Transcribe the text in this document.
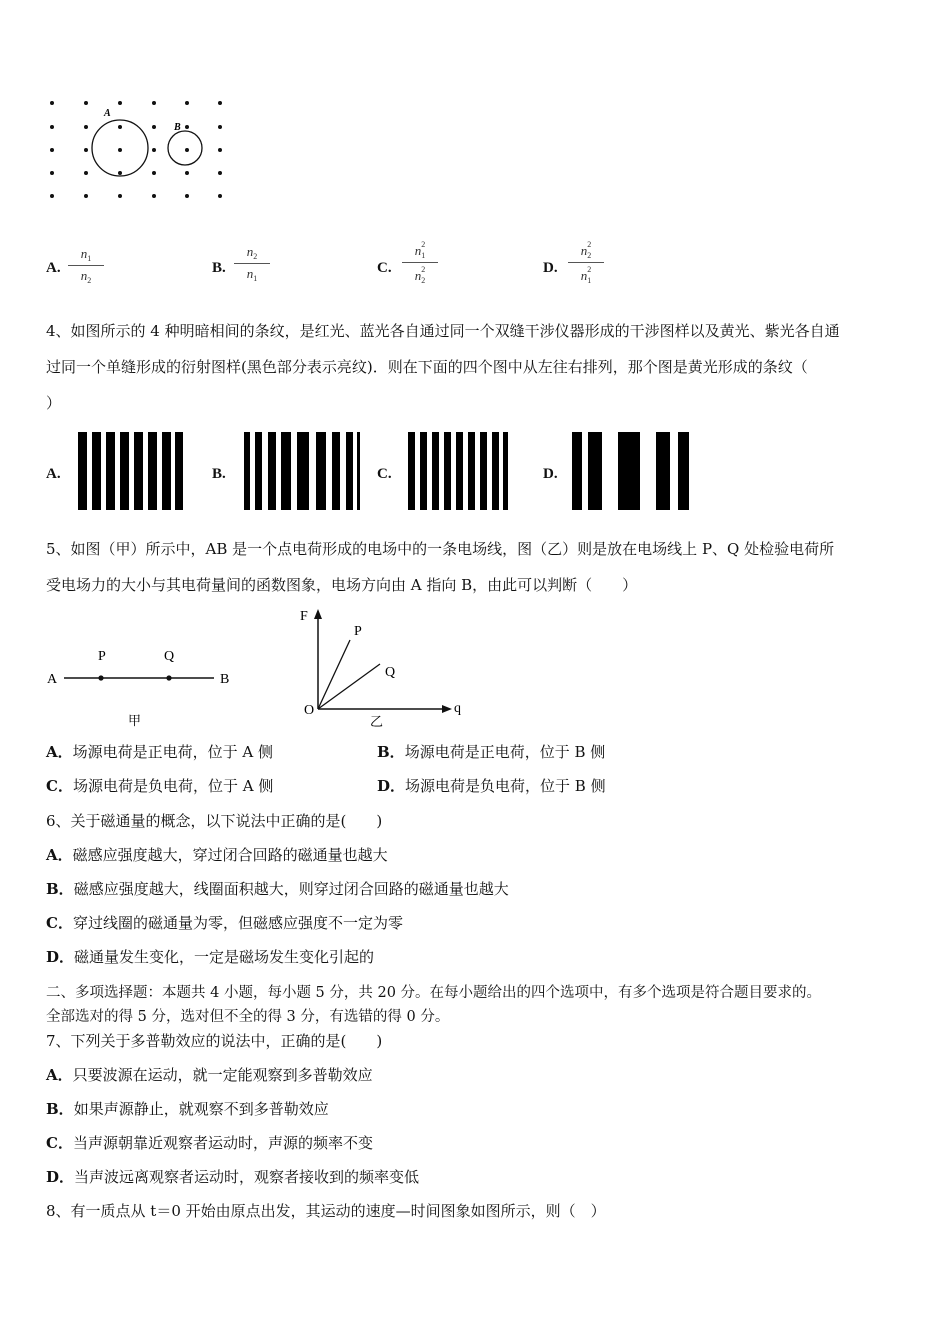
A
B
A.
$n_1$
$n_2$
B.
$n_2$
$n_1$
C.
$n_1^2$
$n_2^2$	D.
$n_2^2$
$n_1^2$
4、如图所示的 4 种明暗相间的条纹，是红光、蓝光各自通过同一个双缝干涉仪器形成的干涉图样以及黄光、紫光各自通
过同一个单缝形成的衍射图样(黑色部分表示亮纹)．则在下面的四个图中从左往右排列，那个图是黄光形成的条纹（
）
A.	B.	C.	D.
5、如图（甲）所示中，AB 是一个点电荷形成的电场中的一条电场线，图（乙）则是放在电场线上 P、Q 处检验电荷所
受电场力的大小与其电荷量间的函数图象，电场方向由 A 指向 B，由此可以判断（　　）
A
P	Q
B
甲
F
P
Q
O	q
乙
A．场源电荷是正电荷，位于 A 侧	B．场源电荷是正电荷，位于 B 侧
C．场源电荷是负电荷，位于 A 侧	D．场源电荷是负电荷，位于 B 侧
6、关于磁通量的概念，以下说法中正确的是(　　)
A．磁感应强度越大，穿过闭合回路的磁通量也越大
B．磁感应强度越大，线圈面积越大，则穿过闭合回路的磁通量也越大
C．穿过线圈的磁通量为零，但磁感应强度不一定为零
D．磁通量发生变化，一定是磁场发生变化引起的
二、多项选择题：本题共 4 小题，每小题 5 分，共 20 分。在每小题给出的四个选项中，有多个选项是符合题目要求的。
全部选对的得 5 分，选对但不全的得 3 分，有选错的得 0 分。
7、下列关于多普勒效应的说法中，正确的是(　　)
A．只要波源在运动，就一定能观察到多普勒效应
B．如果声源静止，就观察不到多普勒效应
C．当声源朝靠近观察者运动时，声源的频率不变
D．当声波远离观察者运动时，观察者接收到的频率变低
8、有一质点从 t＝0 开始由原点出发，其运动的速度—时间图象如图所示，则（　）
